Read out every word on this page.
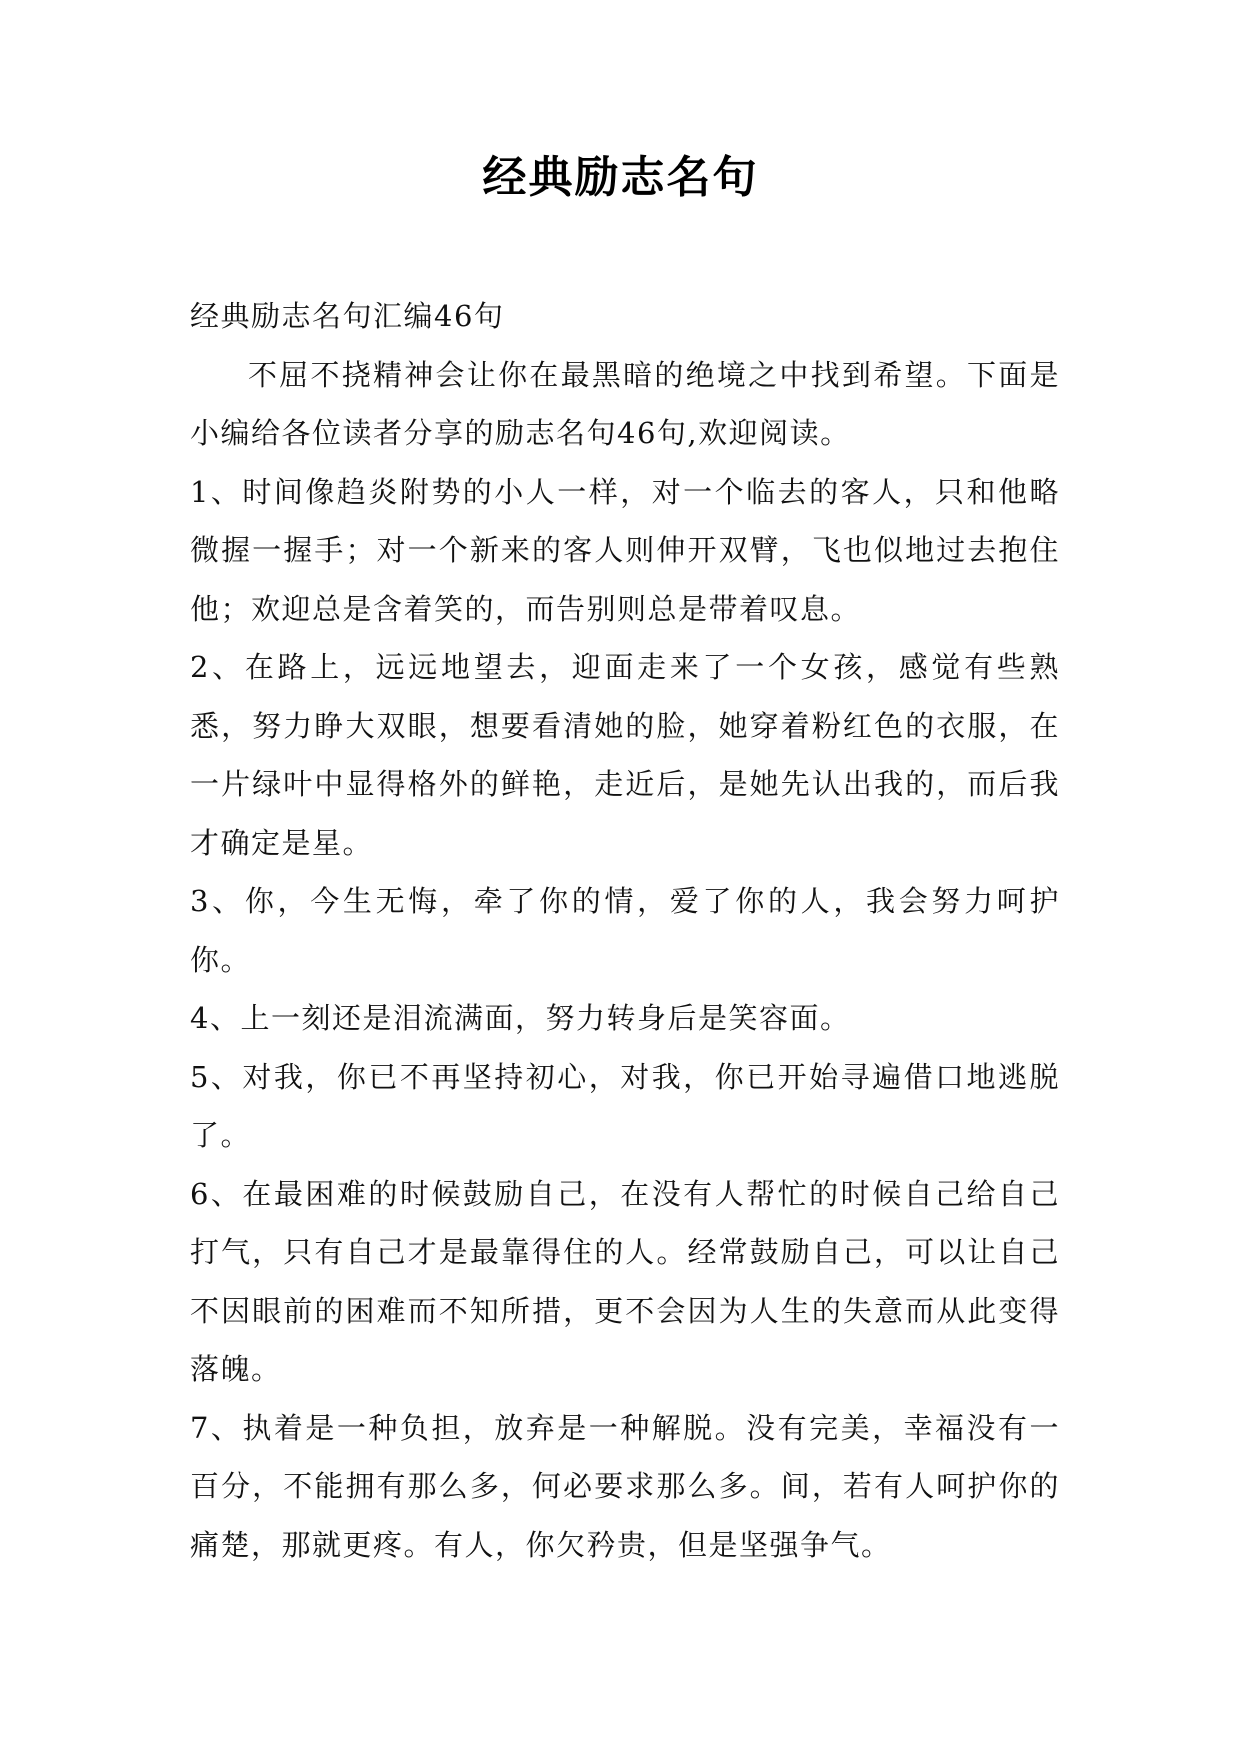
经典励志名句

经典励志名句汇编46句

不屈不挠精神会让你在最黑暗的绝境之中找到希望。下面是小编给各位读者分享的励志名句46句,欢迎阅读。

1、时间像趋炎附势的小人一样，对一个临去的客人，只和他略微握一握手；对一个新来的客人则伸开双臂，飞也似地过去抱住他；欢迎总是含着笑的，而告别则总是带着叹息。

2、在路上，远远地望去，迎面走来了一个女孩，感觉有些熟悉，努力睁大双眼，想要看清她的脸，她穿着粉红色的衣服，在一片绿叶中显得格外的鲜艳，走近后，是她先认出我的，而后我才确定是星。

3、你，今生无悔，牵了你的情，爱了你的人，我会努力呵护你。

4、上一刻还是泪流满面，努力转身后是笑容面。

5、对我，你已不再坚持初心，对我，你已开始寻遍借口地逃脱了。

6、在最困难的时候鼓励自己，在没有人帮忙的时候自己给自己打气，只有自己才是最靠得住的人。经常鼓励自己，可以让自己不因眼前的困难而不知所措，更不会因为人生的失意而从此变得落魄。

7、执着是一种负担，放弃是一种解脱。没有完美，幸福没有一百分，不能拥有那么多，何必要求那么多。间，若有人呵护你的痛楚，那就更疼。有人，你欠矜贵，但是坚强争气。
